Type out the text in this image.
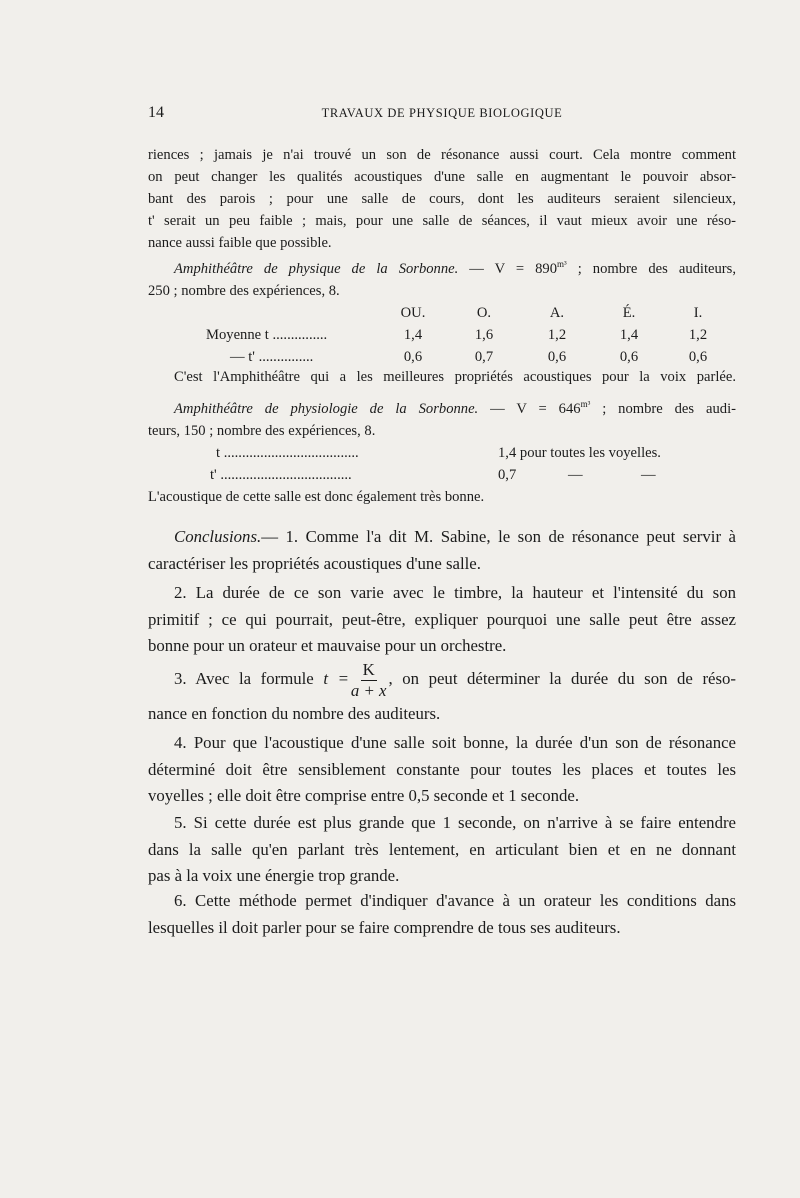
14	TRAVAUX DE PHYSIQUE BIOLOGIQUE
riences ; jamais je n'ai trouvé un son de résonance aussi court. Cela montre comment
on peut changer les qualités acoustiques d'une salle en augmentant le pouvoir absor-
bant des parois ; pour une salle de cours, dont les auditeurs seraient silencieux,
t' serait un peu faible ; mais, pour une salle de séances, il vaut mieux avoir une réso-
nance aussi faible que possible.
Amphithéâtre de physique de la Sorbonne. — $V = 890^{m^3}$ ; nombre des auditeurs,
250 ; nombre des expériences, 8.
OU.	O.	A.	É.	I.
Moyenne t ...............	1,4	1,6	1,2	1,4	1,2
— t' ...............	0,6	0,7	0,6	0,6	0,6
C'est l'Amphithéâtre qui a les meilleures propriétés acoustiques pour la voix parlée.
Amphithéâtre de physiologie de la Sorbonne. — $V = 646^{m^3}$ ; nombre des audi-
teurs, 150 ; nombre des expériences, 8.
t .....................................	1,4 pour toutes les voyelles.
t' ....................................	0,7	—	—
L'acoustique de cette salle est donc également très bonne.
Conclusions.— 1. Comme l'a dit M. Sabine, le son de résonance peut servir à
caractériser les propriétés acoustiques d'une salle.
2. La durée de ce son varie avec le timbre, la hauteur et l'intensité du son
primitif ; ce qui pourrait, peut-être, expliquer pourquoi une salle peut être assez
bonne pour un orateur et mauvaise pour un orchestre.
3. Avec la formule $t = \frac{K}{a + x}$ , on peut déterminer la durée du son de réso-
nance en fonction du nombre des auditeurs.
4. Pour que l'acoustique d'une salle soit bonne, la durée d'un son de résonance
déterminé doit être sensiblement constante pour toutes les places et toutes les
voyelles ; elle doit être comprise entre 0,5 seconde et 1 seconde.
5. Si cette durée est plus grande que 1 seconde, on n'arrive à se faire entendre
dans la salle qu'en parlant très lentement, en articulant bien et en ne donnant
pas à la voix une énergie trop grande.
6. Cette méthode permet d'indiquer d'avance à un orateur les conditions dans
lesquelles il doit parler pour se faire comprendre de tous ses auditeurs.
